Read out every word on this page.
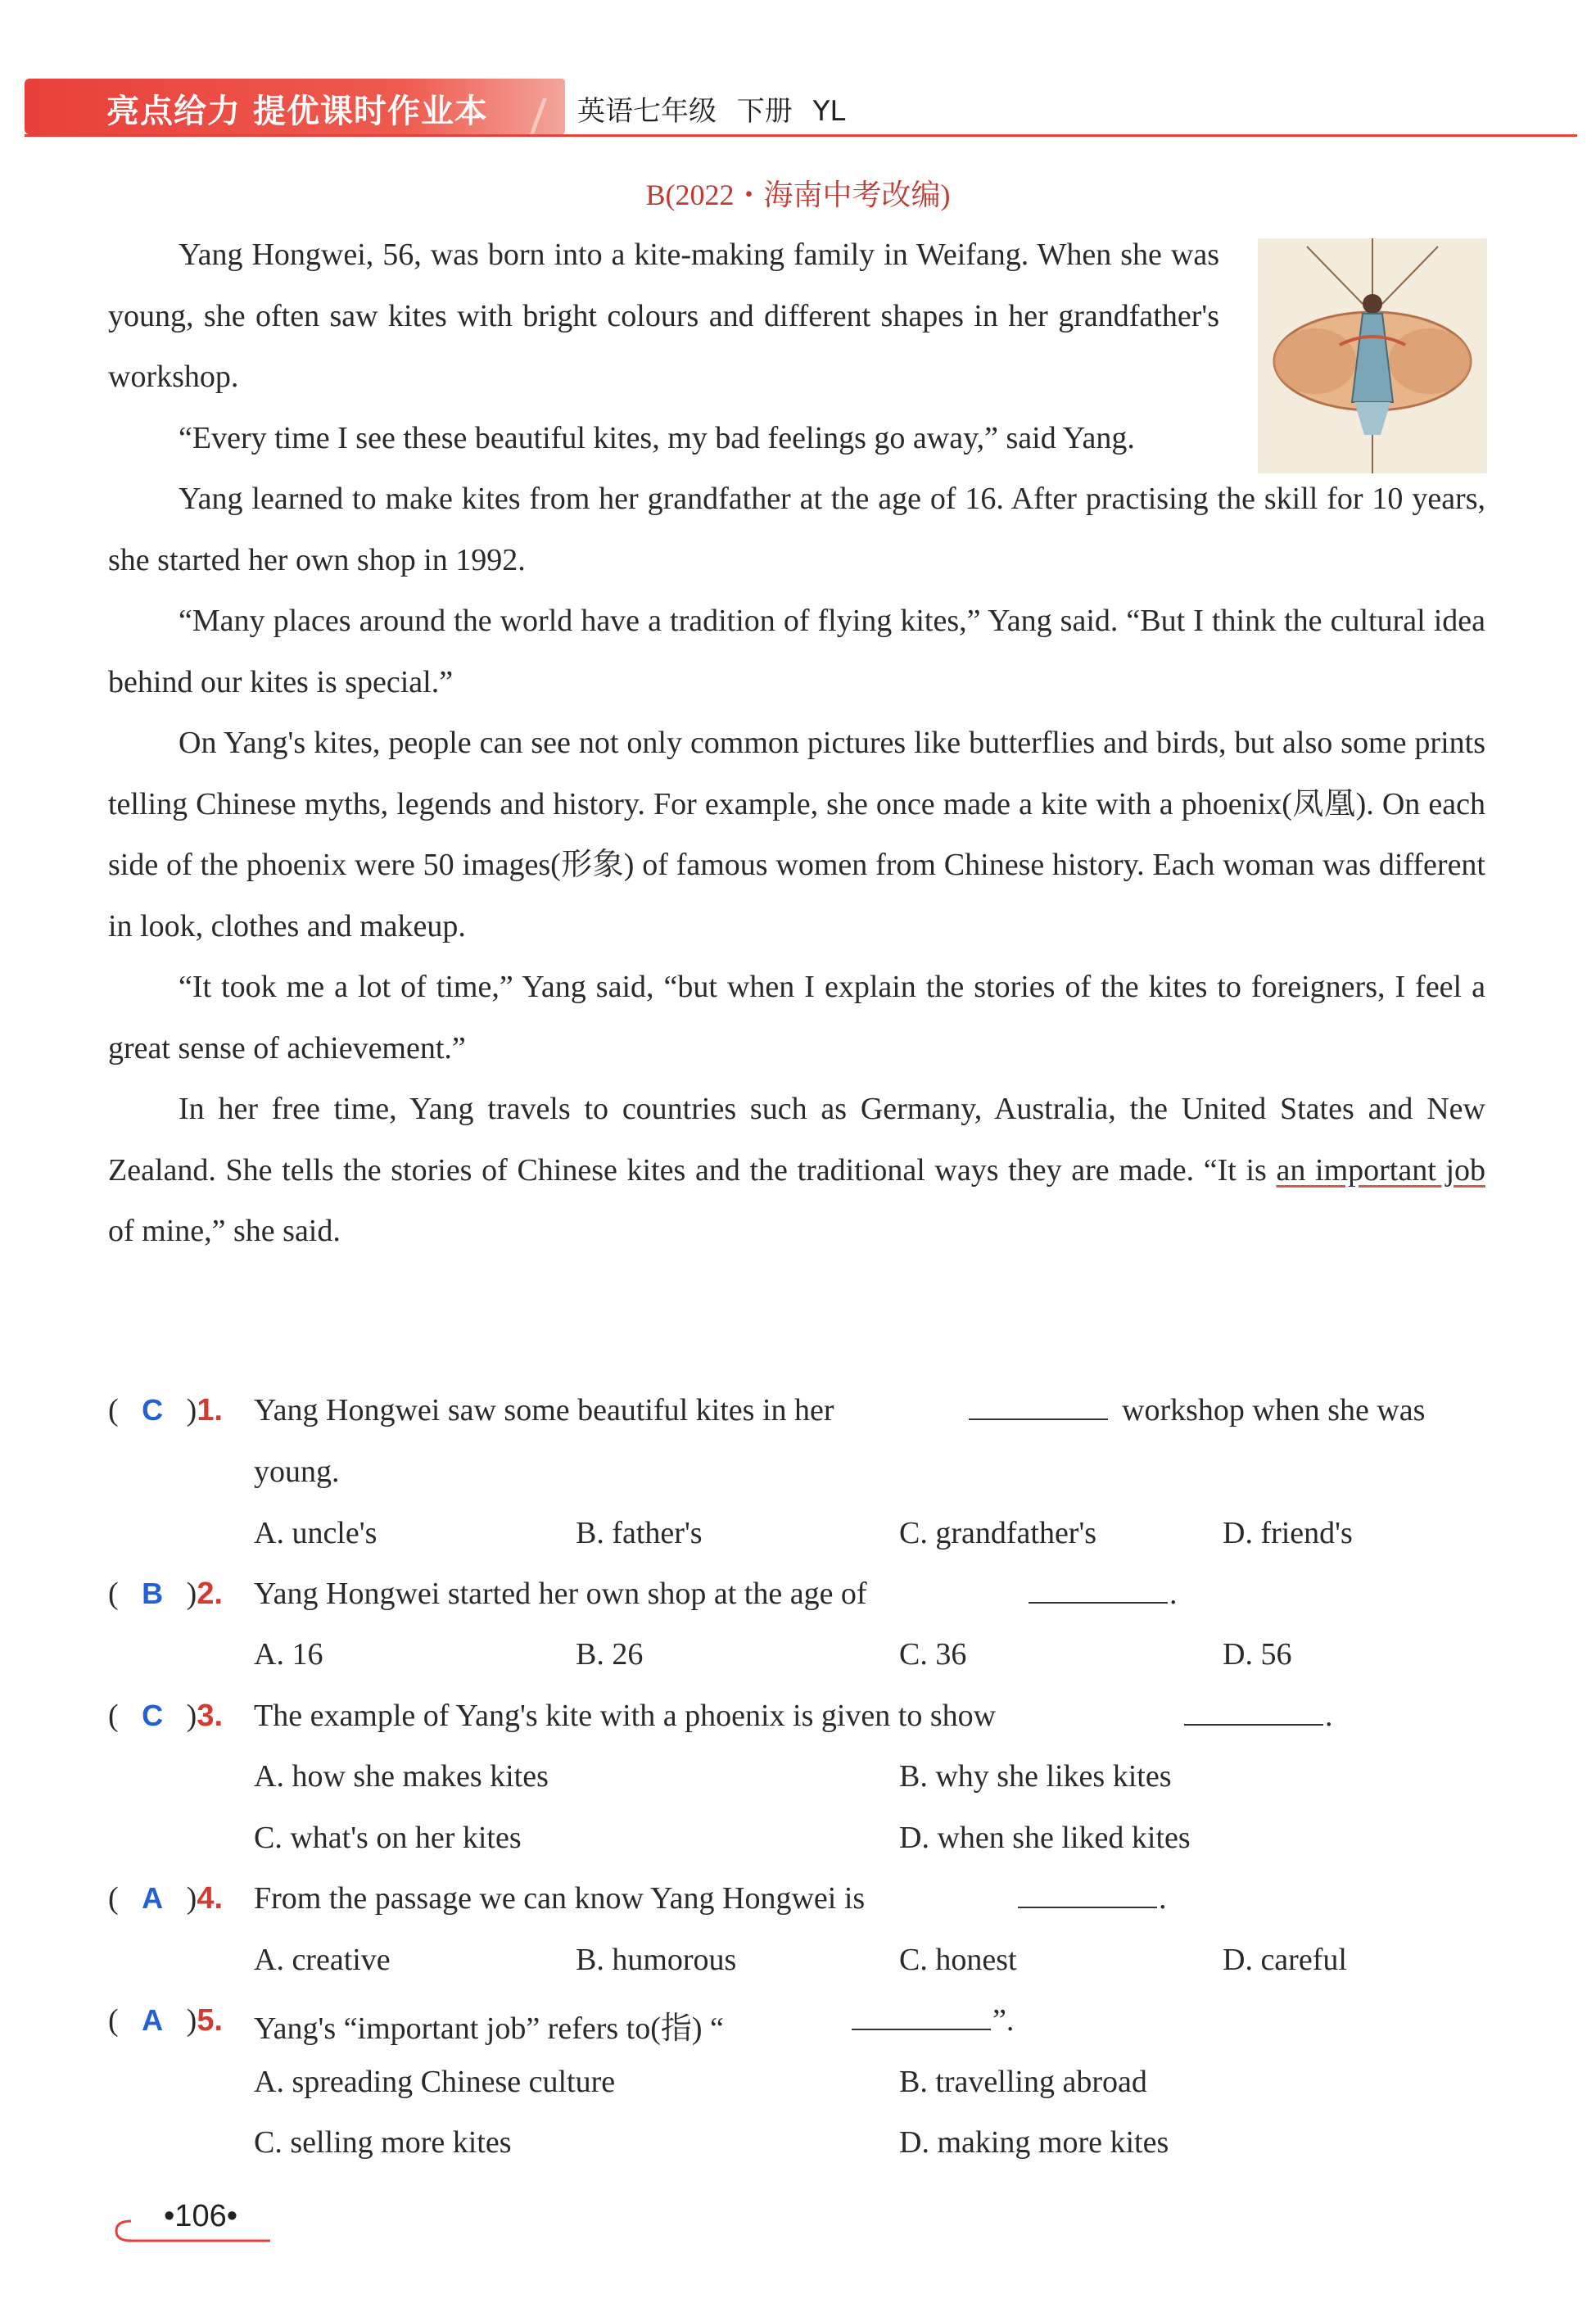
亮点给力 提优课时作业本	英语七年级 下册 YL
B(2022・海南中考改编)

Yang Hongwei, 56, was born into a kite-making family in Weifang. When she was young, she often saw kites with bright colours and different shapes in her grandfather's workshop.

“Every time I see these beautiful kites, my bad feelings go away,” said Yang.

Yang learned to make kites from her grandfather at the age of 16. After practising the skill for 10 years, she started her own shop in 1992.

“Many places around the world have a tradition of flying kites,” Yang said. “But I think the cultural idea behind our kites is special.”

On Yang's kites, people can see not only common pictures like butterflies and birds, but also some prints telling Chinese myths, legends and history. For example, she once made a kite with a phoenix(凤凰). On each side of the phoenix were 50 images(形象) of famous women from Chinese history. Each woman was different in look, clothes and makeup.

“It took me a lot of time,” Yang said, “but when I explain the stories of the kites to foreigners, I feel a great sense of achievement.”

In her free time, Yang travels to countries such as Germany, Australia, the United States and New Zealand. She tells the stories of Chinese kites and the traditional ways they are made. “It is an important job of mine,” she said.

(   C   )1. Yang Hongwei saw some beautiful kites in her	workshop when she was
young.
A. uncle's	B. father's	C. grandfather's	D. friend's
(   B   )2. Yang Hongwei started her own shop at the age of	.
A. 16	B. 26	C. 36	D. 56
(   C   )3. The example of Yang's kite with a phoenix is given to show	.
A. how she makes kites	B. why she likes kites
C. what's on her kites	D. when she liked kites
(   A   )4. From the passage we can know Yang Hongwei is	.
A. creative	B. humorous	C. honest	D. careful
(   A   )5. Yang's “important job” refers to(指) “	”.
A. spreading Chinese culture	B. travelling abroad
C. selling more kites	D. making more kites
•106•
